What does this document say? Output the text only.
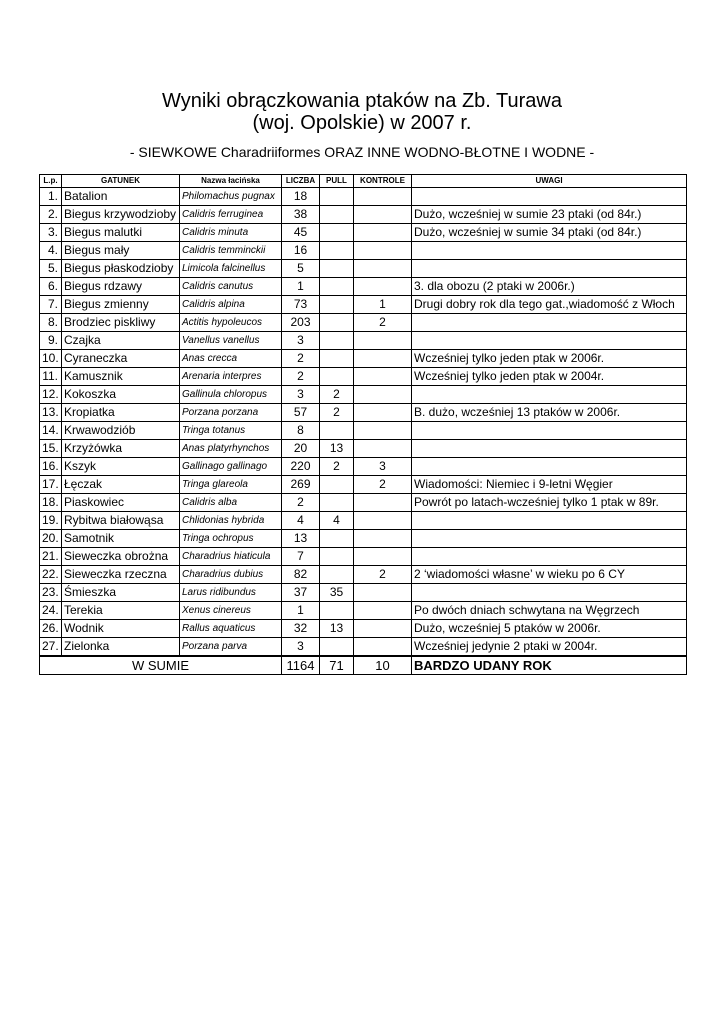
Wyniki obrączkowania ptaków na Zb. Turawa
(woj. Opolskie) w 2007 r.
- SIEWKOWE Charadriiformes ORAZ INNE WODNO-BŁOTNE I WODNE -
L.p.	GATUNEK	Nazwa łacińska	LICZBA	PULL	KONTROLE	UWAGI
1.	Batalion	Philomachus pugnax	18			
2.	Biegus krzywodzioby	Calidris ferruginea	38			Dużo, wcześniej w sumie 23 ptaki (od 84r.)
3.	Biegus malutki	Calidris minuta	45			Dużo, wcześniej w sumie 34 ptaki (od 84r.)
4.	Biegus mały	Calidris temminckii	16			
5.	Biegus płaskodzioby	Limicola falcinellus	5			
6.	Biegus rdzawy	Calidris canutus	1			3. dla obozu (2 ptaki w 2006r.)
7.	Biegus zmienny	Calidris alpina	73		1	Drugi dobry rok dla tego gat.,wiadomość z Włoch
8.	Brodziec piskliwy	Actitis hypoleucos	203		2	
9.	Czajka	Vanellus vanellus	3			
10.	Cyraneczka	Anas crecca	2			Wcześniej tylko jeden ptak w 2006r.
11.	Kamusznik	Arenaria interpres	2			Wcześniej tylko jeden ptak w 2004r.
12.	Kokoszka	Gallinula chloropus	3	2		
13.	Kropiatka	Porzana porzana	57	2		B. dużo, wcześniej 13 ptaków w 2006r.
14.	Krwawodziób	Tringa totanus	8			
15.	Krzyżówka	Anas platyrhynchos	20	13		
16.	Kszyk	Gallinago gallinago	220	2	3	
17.	Łęczak	Tringa glareola	269		2	Wiadomości: Niemiec i 9-letni Węgier
18.	Piaskowiec	Calidris alba	2			Powrót po latach-wcześniej tylko 1 ptak w 89r.
19.	Rybitwa białowąsa	Chlidonias hybrida	4	4		
20.	Samotnik	Tringa ochropus	13			
21.	Sieweczka obrożna	Charadrius hiaticula	7			
22.	Sieweczka rzeczna	Charadrius dubius	82		2	2 ‘wiadomości własne’ w wieku po 6 CY
23.	Śmieszka	Larus ridibundus	37	35		
24.	Terekia	Xenus cinereus	1			Po dwóch dniach schwytana na Węgrzech
26.	Wodnik	Rallus aquaticus	32	13		Dużo, wcześniej 5 ptaków w 2006r.
27.	Zielonka	Porzana parva	3			Wcześniej jedynie 2 ptaki w 2004r.
W SUMIE			1164	71	10	BARDZO UDANY ROK
